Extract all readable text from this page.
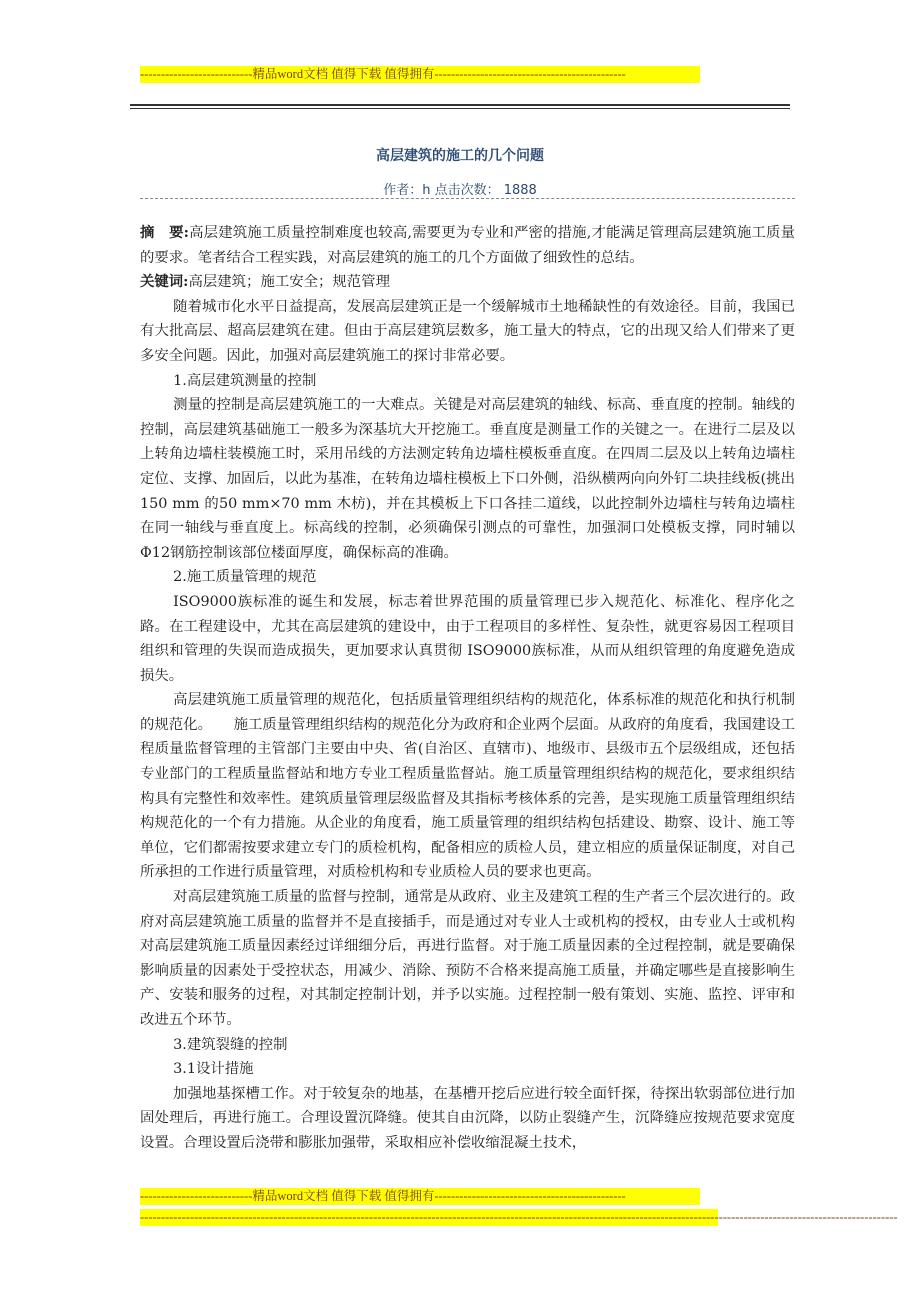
---------------------------精品word文档 值得下载 值得拥有----------------------------------------------
高层建筑的施工的几个问题
作者：h 点击次数： 1888

摘　要:高层建筑施工质量控制难度也较高,需要更为专业和严密的措施,才能满足管理高层建筑施工质量的要求。笔者结合工程实践，对高层建筑的施工的几个方面做了细致性的总结。

关键词:高层建筑；施工安全；规范管理

随着城市化水平日益提高，发展高层建筑正是一个缓解城市土地稀缺性的有效途径。目前，我国已有大批高层、超高层建筑在建。但由于高层建筑层数多，施工量大的特点，它的出现又给人们带来了更多安全问题。因此，加强对高层建筑施工的探讨非常必要。

1.高层建筑测量的控制

测量的控制是高层建筑施工的一大难点。关键是对高层建筑的轴线、标高、垂直度的控制。轴线的控制，高层建筑基础施工一般多为深基坑大开挖施工。垂直度是测量工作的关键之一。在进行二层及以上转角边墙柱装模施工时，采用吊线的方法测定转角边墙柱模板垂直度。在四周二层及以上转角边墙柱定位、支撑、加固后，以此为基准，在转角边墙柱模板上下口外侧，沿纵横两向向外钉二块挂线板(挑出150 mm 的50 mm×70 mm 木枋)，并在其模板上下口各挂二道线，以此控制外边墙柱与转角边墙柱在同一轴线与垂直度上。标高线的控制，必须确保引测点的可靠性，加强洞口处模板支撑，同时辅以 Φ12钢筋控制该部位楼面厚度，确保标高的准确。

2.施工质量管理的规范

ISO9000族标准的诞生和发展，标志着世界范围的质量管理已步入规范化、标准化、程序化之路。在工程建设中，尤其在高层建筑的建设中，由于工程项目的多样性、复杂性，就更容易因工程项目组织和管理的失误而造成损失，更加要求认真贯彻 ISO9000族标准，从而从组织管理的角度避免造成损失。

高层建筑施工质量管理的规范化，包括质量管理组织结构的规范化，体系标准的规范化和执行机制的规范化。　　施工质量管理组织结构的规范化分为政府和企业两个层面。从政府的角度看，我国建设工程质量监督管理的主管部门主要由中央、省(自治区、直辖市)、地级市、县级市五个层级组成，还包括专业部门的工程质量监督站和地方专业工程质量监督站。施工质量管理组织结构的规范化，要求组织结构具有完整性和效率性。建筑质量管理层级监督及其指标考核体系的完善，是实现施工质量管理组织结构规范化的一个有力措施。从企业的角度看，施工质量管理的组织结构包括建设、勘察、设计、施工等单位，它们都需按要求建立专门的质检机构，配备相应的质检人员，建立相应的质量保证制度，对自己所承担的工作进行质量管理，对质检机构和专业质检人员的要求也更高。

对高层建筑施工质量的监督与控制，通常是从政府、业主及建筑工程的生产者三个层次进行的。政府对高层建筑施工质量的监督并不是直接插手，而是通过对专业人士或机构的授权，由专业人士或机构对高层建筑施工质量因素经过详细细分后，再进行监督。对于施工质量因素的全过程控制，就是要确保影响质量的因素处于受控状态，用减少、消除、预防不合格来提高施工质量，并确定哪些是直接影响生产、安装和服务的过程，对其制定控制计划，并予以实施。过程控制一般有策划、实施、监控、评审和改进五个环节。

3.建筑裂缝的控制

3.1设计措施

加强地基探槽工作。对于较复杂的地基，在基槽开挖后应进行较全面钎探，待探出软弱部位进行加固处理后，再进行施工。合理设置沉降缝。使其自由沉降，以防止裂缝产生，沉降缝应按规范要求宽度设置。合理设置后浇带和膨胀加强带，采取相应补偿收缩混凝土技术，

---------------------------精品word文档 值得下载 值得拥有----------------------------------------------
--------------------------------------------------------------------------------------------------------------------------------------------------------------------------------------
